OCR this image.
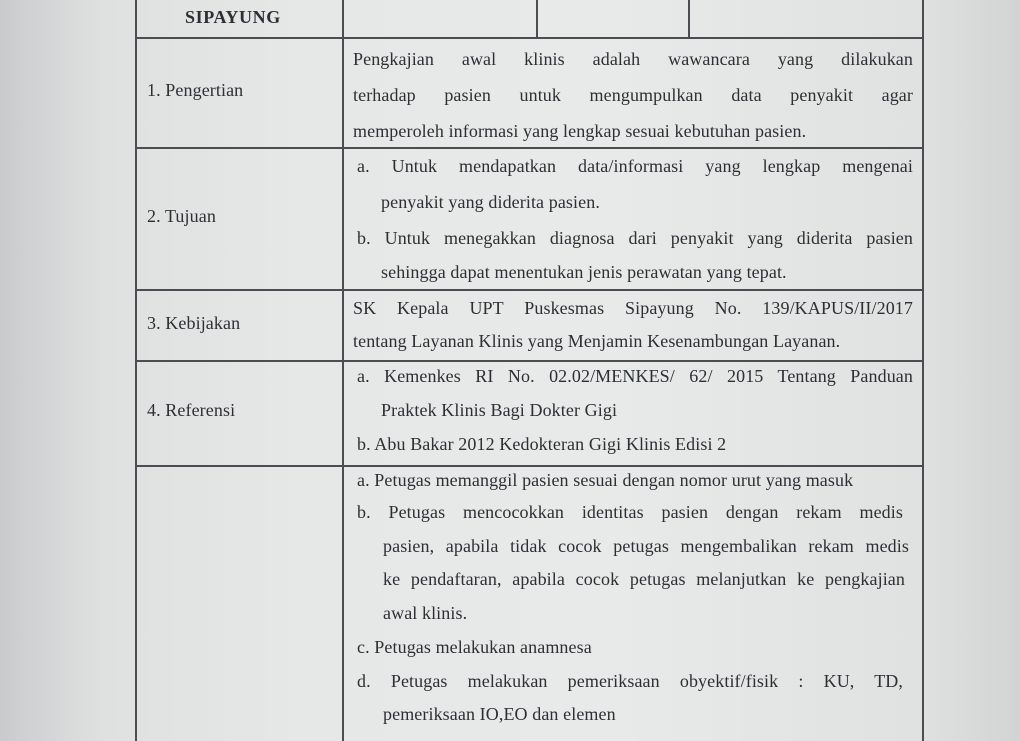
SIPAYUNG
1. Pengertian
Pengkajian awal klinis adalah wawancara yang dilakukan
terhadap pasien untuk mengumpulkan data penyakit agar
memperoleh informasi yang lengkap sesuai kebutuhan pasien.
2. Tujuan
a. Untuk mendapatkan data/informasi yang lengkap mengenai
penyakit yang diderita pasien.
b. Untuk menegakkan diagnosa dari penyakit yang diderita pasien
sehingga dapat menentukan jenis perawatan yang tepat.
3. Kebijakan
SK Kepala UPT Puskesmas Sipayung No. 139/KAPUS/II/2017
tentang Layanan Klinis yang Menjamin Kesenambungan Layanan.
4. Referensi
a. Kemenkes RI No. 02.02/MENKES/ 62/ 2015 Tentang Panduan
Praktek Klinis Bagi Dokter Gigi
b. Abu Bakar 2012 Kedokteran Gigi Klinis Edisi 2
a. Petugas memanggil pasien sesuai dengan nomor urut yang masuk
b. Petugas mencocokkan identitas pasien dengan rekam medis
pasien, apabila tidak cocok petugas mengembalikan rekam medis
ke pendaftaran, apabila cocok petugas melanjutkan ke pengkajian
awal klinis.
c. Petugas melakukan anamnesa
d. Petugas melakukan pemeriksaan obyektif/fisik : KU, TD,
pemeriksaan IO,EO dan elemen
